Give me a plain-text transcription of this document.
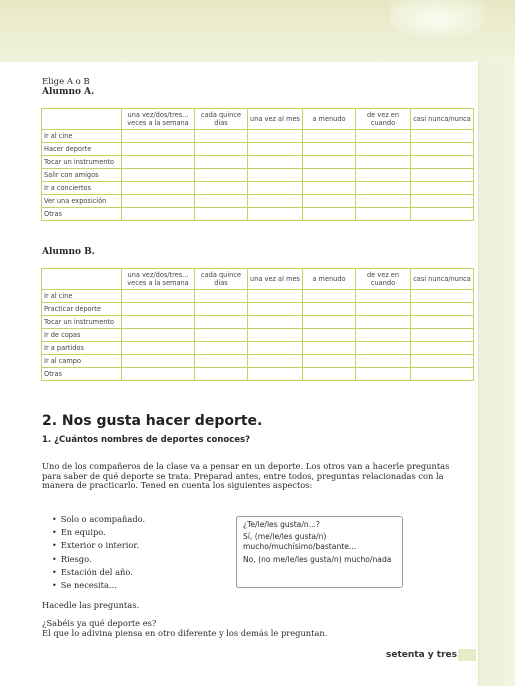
Elige A o B
Alumno A.
	una vez/dos/tres... veces a la semana	cada quince días	una vez al mes	a menudo	de vez en cuando	casi nunca/nunca
Ir al cine						
Hacer deporte						
Tocar un instrumento						
Salir con amigos						
Ir a conciertos						
Ver una exposición						
Otras						
Alumno B.
	una vez/dos/tres... veces a la semana	cada quince días	una vez al mes	a menudo	de vez en cuando	casi nunca/nunca
Ir al cine						
Practicar deporte						
Tocar un instrumento						
Ir de copas						
Ir a partidos						
Ir al campo						
Otras						
2. Nos gusta hacer deporte.
1. ¿Cuántos nombres de deportes conoces?
Uno de los compañeros de la clase va a pensar en un deporte. Los otros van a hacerle preguntas para saber de qué deporte se trata. Preparad antes, entre todos, preguntas relacionadas con la manera de practicarlo. Tened en cuenta los siguientes aspectos:
• Solo o acompañado.
• En equipo.
• Exterior o interior.
• Riesgo.
• Estación del año.
• Se necesita...
¿Te/le/les gusta/n...?
Sí, (me/le/les gusta/n) mucho/muchísimo/bastante...
No, (no me/le/les gusta/n) mucho/nada
Hacedle las preguntas.
¿Sabéis ya qué deporte es?
El que lo adivina piensa en otro diferente y los demás le preguntan.
setenta y tres
